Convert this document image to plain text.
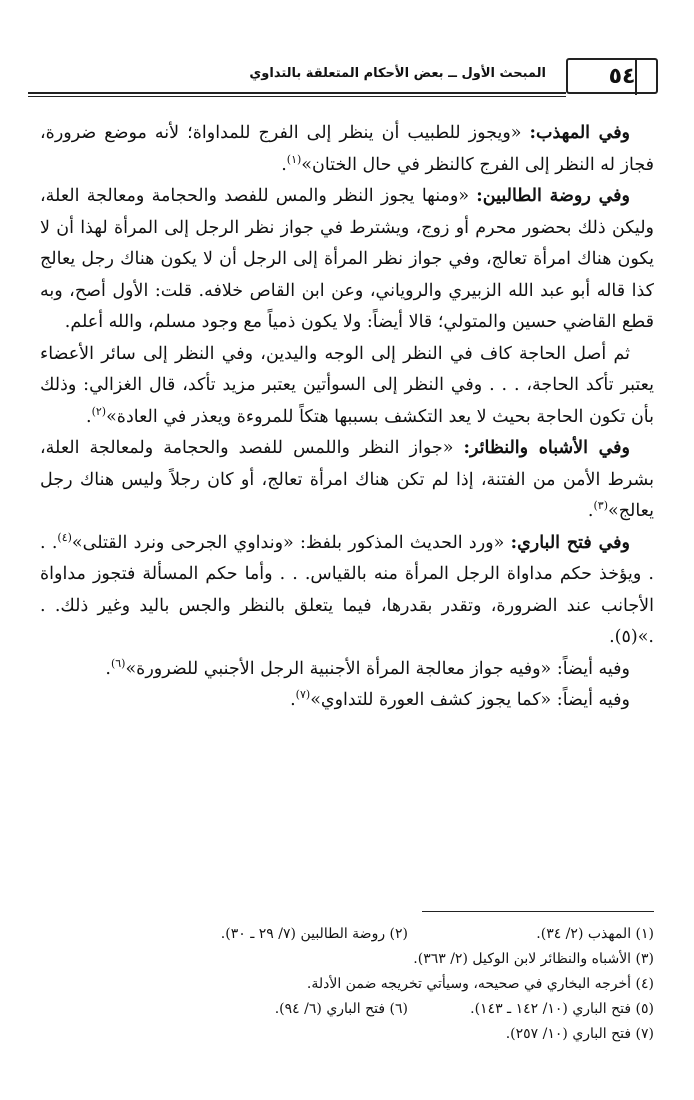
٥٤
المبحث الأول ــ بعض الأحكام المتعلقة بالتداوي

وفي المهذب: «ويجوز للطبيب أن ينظر إلى الفرج للمداواة؛ لأنه موضع ضرورة، فجاز له النظر إلى الفرج كالنظر في حال الختان»$^{(١)}$.

وفي روضة الطالبين: «ومنها يجوز النظر والمس للفصد والحجامة ومعالجة العلة، وليكن ذلك بحضور محرم أو زوج، ويشترط في جواز نظر الرجل إلى المرأة لهذا أن لا يكون هناك امرأة تعالج، وفي جواز نظر المرأة إلى الرجل أن لا يكون هناك رجل يعالج كذا قاله أبو عبد الله الزبيري والروياني، وعن ابن القاص خلافه. قلت: الأول أصح، وبه قطع القاضي حسين والمتولي؛ قالا أيضاً: ولا يكون ذمياً مع وجود مسلم، والله أعلم.

ثم أصل الحاجة كاف في النظر إلى الوجه واليدين، وفي النظر إلى سائر الأعضاء يعتبر تأكد الحاجة، . . . وفي النظر إلى السوأتين يعتبر مزيد تأكد، قال الغزالي: وذلك بأن تكون الحاجة بحيث لا يعد التكشف بسببها هتكاً للمروءة ويعذر في العادة»$^{(٢)}$.

وفي الأشباه والنظائر: «جواز النظر واللمس للفصد والحجامة ولمعالجة العلة، بشرط الأمن من الفتنة، إذا لم تكن هناك امرأة تعالج، أو كان رجلاً وليس هناك رجل يعالج»$^{(٣)}$.

وفي فتح الباري: «ورد الحديث المذكور بلفظ: «ونداوي الجرحى ونرد القتلى»$^{(٤)}$. . . ويؤخذ حكم مداواة الرجل المرأة منه بالقياس. . . وأما حكم المسألة فتجوز مداواة الأجانب عند الضرورة، وتقدر بقدرها، فيما يتعلق بالنظر والجس باليد وغير ذلك. . .»(٥).

وفيه أيضاً: «وفيه جواز معالجة المرأة الأجنبية الرجل الأجنبي للضرورة»$^{(٦)}$.

وفيه أيضاً: «كما يجوز كشف العورة للتداوي»$^{(٧)}$.

(١) المهذب (٢/ ٣٤).
(٢) روضة الطالبين (٧/ ٢٩ ـ ٣٠).
(٣) الأشباه والنظائر لابن الوكيل (٢/ ٣٦٣).
(٤) أخرجه البخاري في صحيحه، وسيأتي تخريجه ضمن الأدلة.
(٥) فتح الباري (١٠/ ١٤٢ ـ ١٤٣).
(٦) فتح الباري (٦/ ٩٤).
(٧) فتح الباري (١٠/ ٢٥٧).
